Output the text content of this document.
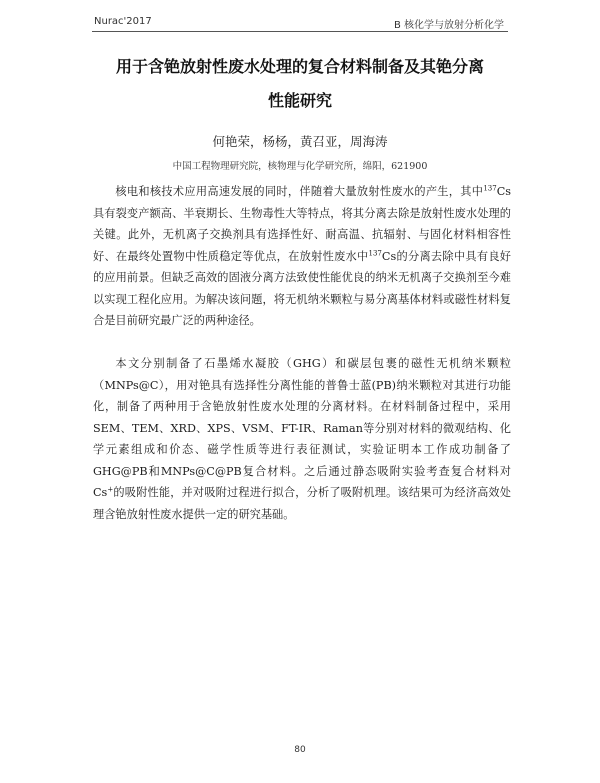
Nurac'2017	B 核化学与放射分析化学
用于含铯放射性废水处理的复合材料制备及其铯分离
性能研究

何艳荣，杨杨，黄召亚，周海涛

中国工程物理研究院，核物理与化学研究所，绵阳，621900

核电和核技术应用高速发展的同时，伴随着大量放射性废水的产生，其中$^{137}$Cs具有裂变产额高、半衰期长、生物毒性大等特点，将其分离去除是放射性废水处理的关键。此外，无机离子交换剂具有选择性好、耐高温、抗辐射、与固化材料相容性好、在最终处置物中性质稳定等优点，在放射性废水中$^{137}$Cs的分离去除中具有良好的应用前景。但缺乏高效的固液分离方法致使性能优良的纳米无机离子交换剂至今难以实现工程化应用。为解决该问题，将无机纳米颗粒与易分离基体材料或磁性材料复合是目前研究最广泛的两种途径。

本文分别制备了石墨烯水凝胶（GHG）和碳层包裹的磁性无机纳米颗粒（MNPs@C），用对铯具有选择性分离性能的普鲁士蓝(PB)纳米颗粒对其进行功能化，制备了两种用于含铯放射性废水处理的分离材料。在材料制备过程中，采用SEM、TEM、XRD、XPS、VSM、FT-IR、Raman等分别对材料的微观结构、化学元素组成和价态、磁学性质等进行表征测试，实验证明本工作成功制备了GHG@PB和MNPs@C@PB复合材料。之后通过静态吸附实验考查复合材料对Cs+的吸附性能，并对吸附过程进行拟合，分析了吸附机理。该结果可为经济高效处理含铯放射性废水提供一定的研究基础。

80
